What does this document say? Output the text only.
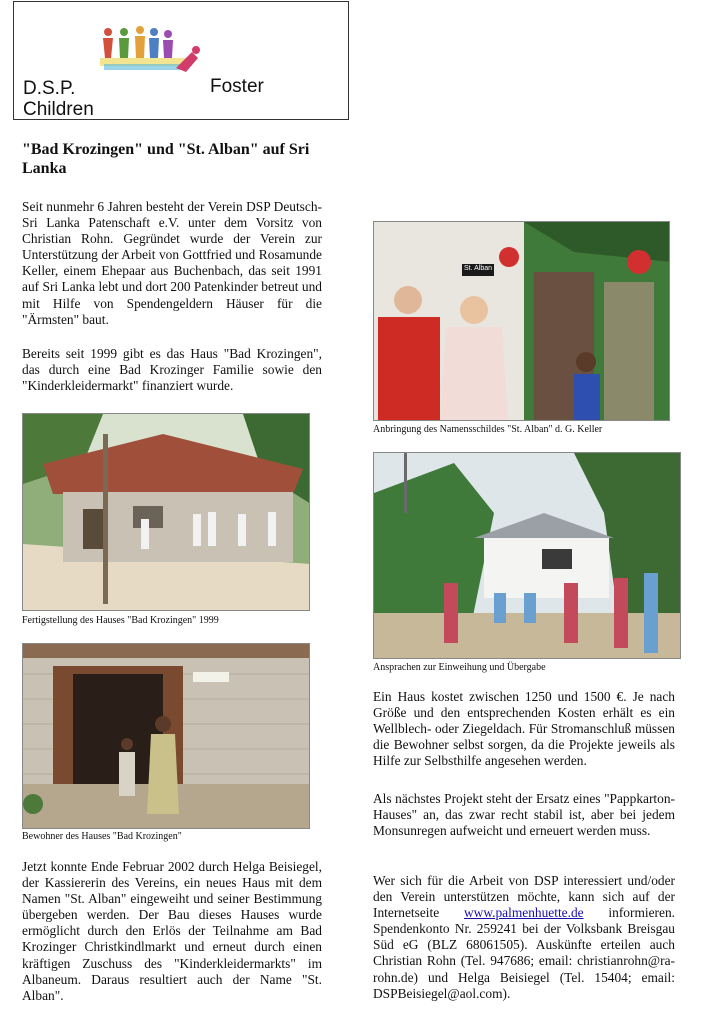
D.S.P.	Foster
Children
"Bad Krozingen" und "St. Alban" auf Sri Lanka
Seit nunmehr 6 Jahren besteht der Verein DSP Deutsch-Sri Lanka Patenschaft e.V. unter dem Vorsitz von Christian Rohn. Gegründet wurde der Verein zur Unterstützung der Arbeit von Gottfried und Rosamunde Keller, einem Ehepaar aus Buchenbach, das seit 1991 auf Sri Lanka lebt und dort 200 Patenkinder betreut und mit Hilfe von Spendengeldern Häuser für die "Ärmsten" baut.
Bereits seit 1999 gibt es das Haus "Bad Krozingen", das durch eine Bad Krozinger Familie sowie den "Kinderkleidermarkt" finanziert wurde.
Fertigstellung des Hauses "Bad Krozingen" 1999
Bewohner des Hauses "Bad Krozingen"
Jetzt konnte Ende Februar 2002 durch Helga Beisiegel, der Kassiererin des Vereins, ein neues Haus mit dem Namen "St. Alban" eingeweiht und seiner Bestimmung übergeben werden. Der Bau dieses Hauses wurde ermöglicht durch den Erlös der Teilnahme am Bad Krozinger Christkindlmarkt und erneut durch einen kräftigen Zuschuss des "Kinderkleidermarkts" im Albaneum. Daraus resultiert auch der Name "St. Alban".
St. Alban
Anbringung des Namensschildes "St. Alban" d. G. Keller
Ansprachen zur Einweihung und Übergabe
Ein Haus kostet zwischen 1250 und 1500 €. Je nach Größe und den entsprechenden Kosten erhält es ein Wellblech- oder Ziegeldach. Für Stromanschluß müssen die Bewohner selbst sorgen, da die Projekte jeweils als Hilfe zur Selbsthilfe angesehen werden.
Als nächstes Projekt steht der Ersatz eines "Pappkarton-Hauses" an, das zwar recht stabil ist, aber bei jedem Monsunregen aufweicht und erneuert werden muss.
Wer sich für die Arbeit von DSP interessiert und/oder den Verein unterstützen möchte, kann sich auf der Internetseite www.palmenhuette.de informieren. Spendenkonto Nr. 259241 bei der Volksbank Breisgau Süd eG (BLZ 68061505). Auskünfte erteilen auch Christian Rohn (Tel. 947686; email: christianrohn@ra-rohn.de) und Helga Beisiegel (Tel. 15404; email: DSPBeisiegel@aol.com).
